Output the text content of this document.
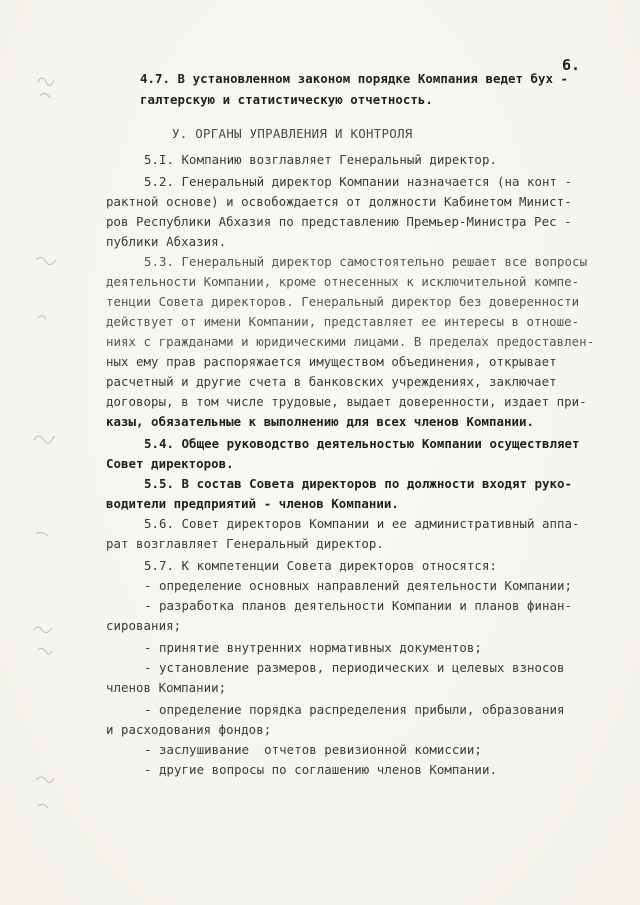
6.
4.7. В установленном законом порядке Компания ведет бух -
галтерскую и статистическую отчетность.
У. ОРГАНЫ УПРАВЛЕНИЯ И КОНТРОЛЯ
5.I. Компанию возглавляет Генеральный директор.
5.2. Генеральный директор Компании назначается (на конт -
рактной основе) и освобождается от должности Кабинетом Минист-
ров Республики Абхазия по представлению Премьер-Министра Рес -
публики Абхазия.
5.3. Генеральный директор самостоятельно решает все вопросы
деятельности Компании, кроме отнесенных к исключительной компе-
тенции Совета директоров. Генеральный директор без доверенности
действует от имени Компании, представляет ее интересы в отноше-
ниях с гражданами и юридическими лицами. В пределах предоставлен-
ных ему прав распоряжается имуществом объединения, открывает
расчетный и другие счета в банковских учреждениях, заключает
договоры, в том числе трудовые, выдает доверенности, издает при-
казы, обязательные к выполнению для всех членов Компании.
5.4. Общее руководство деятельностью Компании осуществляет
Совет директоров.
5.5. В состав Совета директоров по должности входят руко-
водители предприятий - членов Компании.
5.6. Совет директоров Компании и ее административный аппа-
рат возглавляет Генеральный директор.
5.7. К компетенции Совета директоров относятся:
- определение основных направлений деятельности Компании;
- разработка планов деятельности Компании и планов финан-
сирования;
- принятие внутренних нормативных документов;
- установление размеров, периодических и целевых взносов
членов Компании;
- определение порядка распределения прибыли, образования
и расходования фондов;
- заслушивание  отчетов ревизионной комиссии;
- другие вопросы по соглашению членов Компании.
